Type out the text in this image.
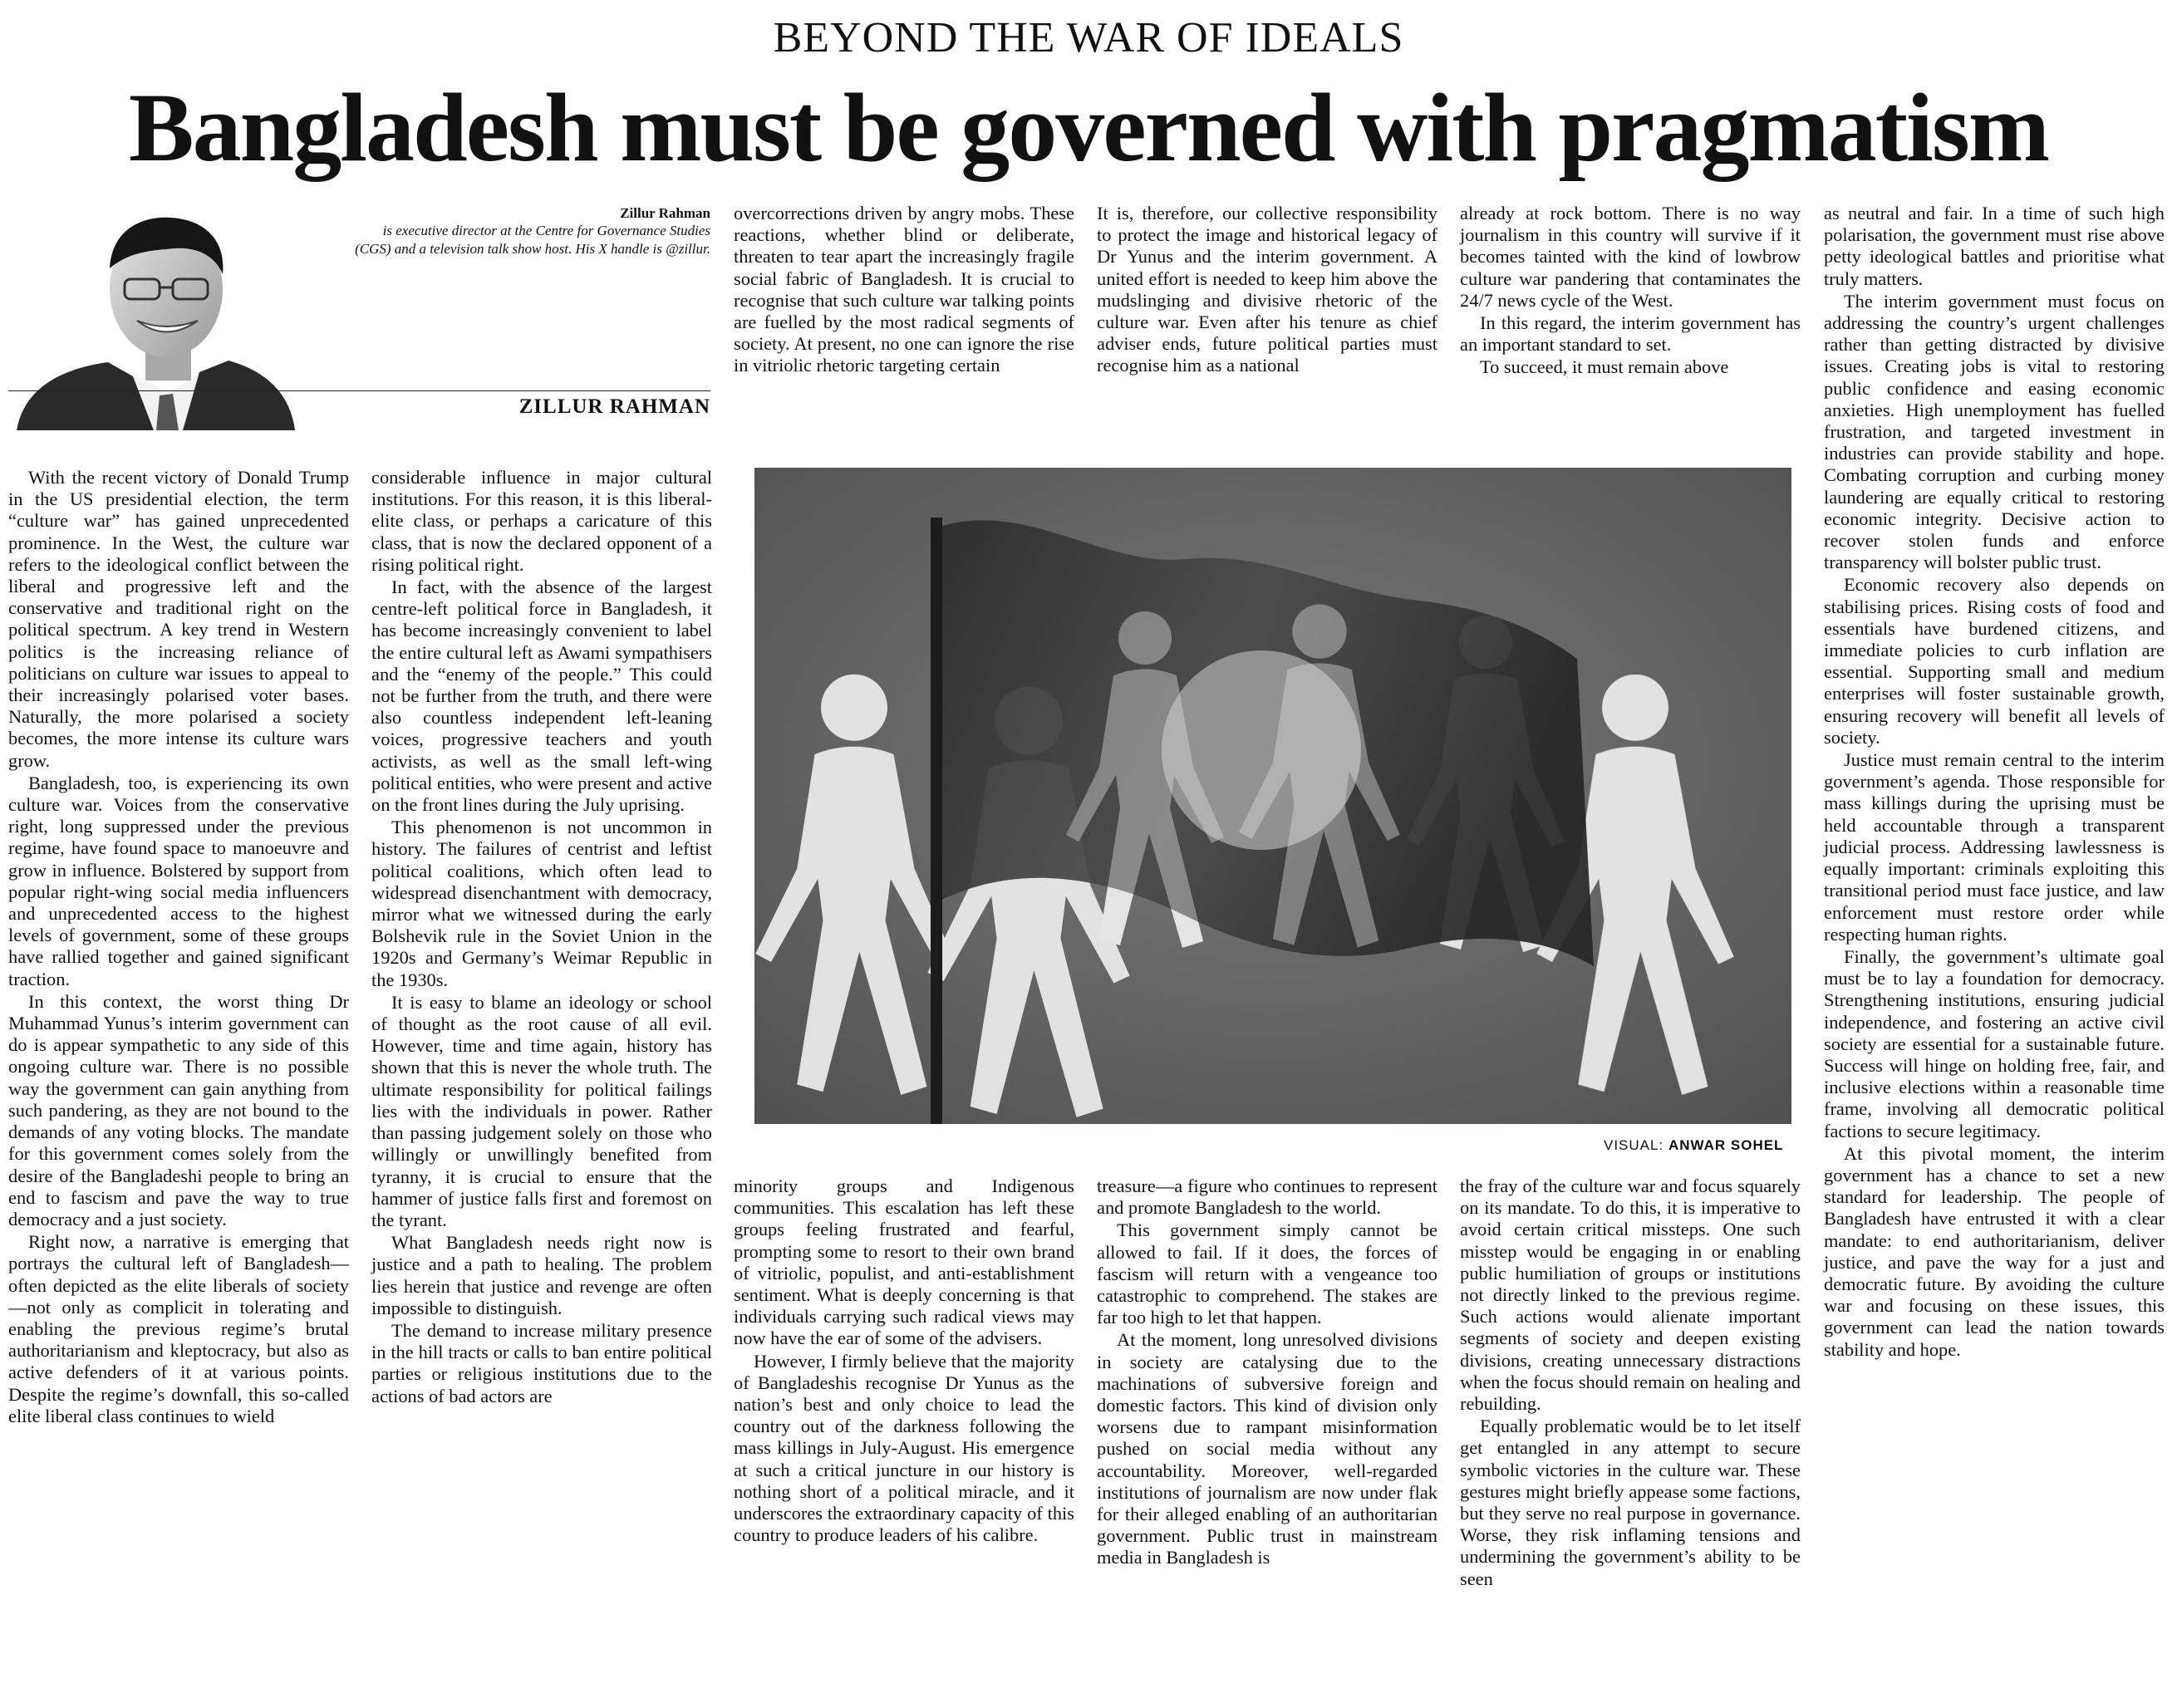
BEYOND THE WAR OF IDEALS
Bangladesh must be governed with pragmatism
Zillur Rahman
is executive director at the Centre for Governance Studies (CGS) and a television talk show host. His X handle is @zillur.
ZILLUR RAHMAN

With the recent victory of Donald Trump in the US presidential election, the term “culture war” has gained unprecedented prominence. In the West, the culture war refers to the ideological conflict between the liberal and progressive left and the conservative and traditional right on the political spectrum. A key trend in Western politics is the increasing reliance of politicians on culture war issues to appeal to their increasingly polarised voter bases. Naturally, the more polarised a society becomes, the more intense its culture wars grow.

Bangladesh, too, is experiencing its own culture war. Voices from the conservative right, long suppressed under the previous regime, have found space to manoeuvre and grow in influence. Bolstered by support from popular right-wing social media influencers and unprecedented access to the highest levels of government, some of these groups have rallied together and gained significant traction.

In this context, the worst thing Dr Muhammad Yunus’s interim government can do is appear sympathetic to any side of this ongoing culture war. There is no possible way the government can gain anything from such pandering, as they are not bound to the demands of any voting blocks. The mandate for this government comes solely from the desire of the Bangladeshi people to bring an end to fascism and pave the way to true democracy and a just society.

Right now, a narrative is emerging that portrays the cultural left of Bangladesh—often depicted as the elite liberals of society—not only as complicit in tolerating and enabling the previous regime’s brutal authoritarianism and kleptocracy, but also as active defenders of it at various points. Despite the regime’s downfall, this so-called elite liberal class continues to wield

considerable influence in major cultural institutions. For this reason, it is this liberal-elite class, or perhaps a caricature of this class, that is now the declared opponent of a rising political right.

In fact, with the absence of the largest centre-left political force in Bangladesh, it has become increasingly convenient to label the entire cultural left as Awami sympathisers and the “enemy of the people.” This could not be further from the truth, and there were also countless independent left-leaning voices, progressive teachers and youth activists, as well as the small left-wing political entities, who were present and active on the front lines during the July uprising.

This phenomenon is not uncommon in history. The failures of centrist and leftist political coalitions, which often lead to widespread disenchantment with democracy, mirror what we witnessed during the early Bolshevik rule in the Soviet Union in the 1920s and Germany’s Weimar Republic in the 1930s.

It is easy to blame an ideology or school of thought as the root cause of all evil. However, time and time again, history has shown that this is never the whole truth. The ultimate responsibility for political failings lies with the individuals in power. Rather than passing judgement solely on those who willingly or unwillingly benefited from tyranny, it is crucial to ensure that the hammer of justice falls first and foremost on the tyrant.

What Bangladesh needs right now is justice and a path to healing. The problem lies herein that justice and revenge are often impossible to distinguish.

The demand to increase military presence in the hill tracts or calls to ban entire political parties or religious institutions due to the actions of bad actors are

overcorrections driven by angry mobs. These reactions, whether blind or deliberate, threaten to tear apart the increasingly fragile social fabric of Bangladesh. It is crucial to recognise that such culture war talking points are fuelled by the most radical segments of society. At present, no one can ignore the rise in vitriolic rhetoric targeting certain

It is, therefore, our collective responsibility to protect the image and historical legacy of Dr Yunus and the interim government. A united effort is needed to keep him above the mudslinging and divisive rhetoric of the culture war. Even after his tenure as chief adviser ends, future political parties must recognise him as a national

already at rock bottom. There is no way journalism in this country will survive if it becomes tainted with the kind of lowbrow culture war pandering that contaminates the 24/7 news cycle of the West.

In this regard, the interim government has an important standard to set.

To succeed, it must remain above

as neutral and fair. In a time of such high polarisation, the government must rise above petty ideological battles and prioritise what truly matters.

The interim government must focus on addressing the country’s urgent challenges rather than getting distracted by divisive issues. Creating jobs is vital to restoring public confidence and easing economic anxieties. High unemployment has fuelled frustration, and targeted investment in industries can provide stability and hope. Combating corruption and curbing money laundering are equally critical to restoring economic integrity. Decisive action to recover stolen funds and enforce transparency will bolster public trust.

Economic recovery also depends on stabilising prices. Rising costs of food and essentials have burdened citizens, and immediate policies to curb inflation are essential. Supporting small and medium enterprises will foster sustainable growth, ensuring recovery will benefit all levels of society.

Justice must remain central to the interim government’s agenda. Those responsible for mass killings during the uprising must be held accountable through a transparent judicial process. Addressing lawlessness is equally important: criminals exploiting this transitional period must face justice, and law enforcement must restore order while respecting human rights.

Finally, the government’s ultimate goal must be to lay a foundation for democracy. Strengthening institutions, ensuring judicial independence, and fostering an active civil society are essential for a sustainable future. Success will hinge on holding free, fair, and inclusive elections within a reasonable time frame, involving all democratic political factions to secure legitimacy.

At this pivotal moment, the interim government has a chance to set a new standard for leadership. The people of Bangladesh have entrusted it with a clear mandate: to end authoritarianism, deliver justice, and pave the way for a just and democratic future. By avoiding the culture war and focusing on these issues, this government can lead the nation towards stability and hope.

minority groups and Indigenous communities. This escalation has left these groups feeling frustrated and fearful, prompting some to resort to their own brand of vitriolic, populist, and anti-establishment sentiment. What is deeply concerning is that individuals carrying such radical views may now have the ear of some of the advisers.

However, I firmly believe that the majority of Bangladeshis recognise Dr Yunus as the nation’s best and only choice to lead the country out of the darkness following the mass killings in July-August. His emergence at such a critical juncture in our history is nothing short of a political miracle, and it underscores the extraordinary capacity of this country to produce leaders of his calibre.

treasure—a figure who continues to represent and promote Bangladesh to the world.

This government simply cannot be allowed to fail. If it does, the forces of fascism will return with a vengeance too catastrophic to comprehend. The stakes are far too high to let that happen.

At the moment, long unresolved divisions in society are catalysing due to the machinations of subversive foreign and domestic factors. This kind of division only worsens due to rampant misinformation pushed on social media without any accountability. Moreover, well-regarded institutions of journalism are now under flak for their alleged enabling of an authoritarian government. Public trust in mainstream media in Bangladesh is

the fray of the culture war and focus squarely on its mandate. To do this, it is imperative to avoid certain critical missteps. One such misstep would be engaging in or enabling public humiliation of groups or institutions not directly linked to the previous regime. Such actions would alienate important segments of society and deepen existing divisions, creating unnecessary distractions when the focus should remain on healing and rebuilding.

Equally problematic would be to let itself get entangled in any attempt to secure symbolic victories in the culture war. These gestures might briefly appease some factions, but they serve no real purpose in governance. Worse, they risk inflaming tensions and undermining the government’s ability to be seen

VISUAL: ANWAR SOHEL
